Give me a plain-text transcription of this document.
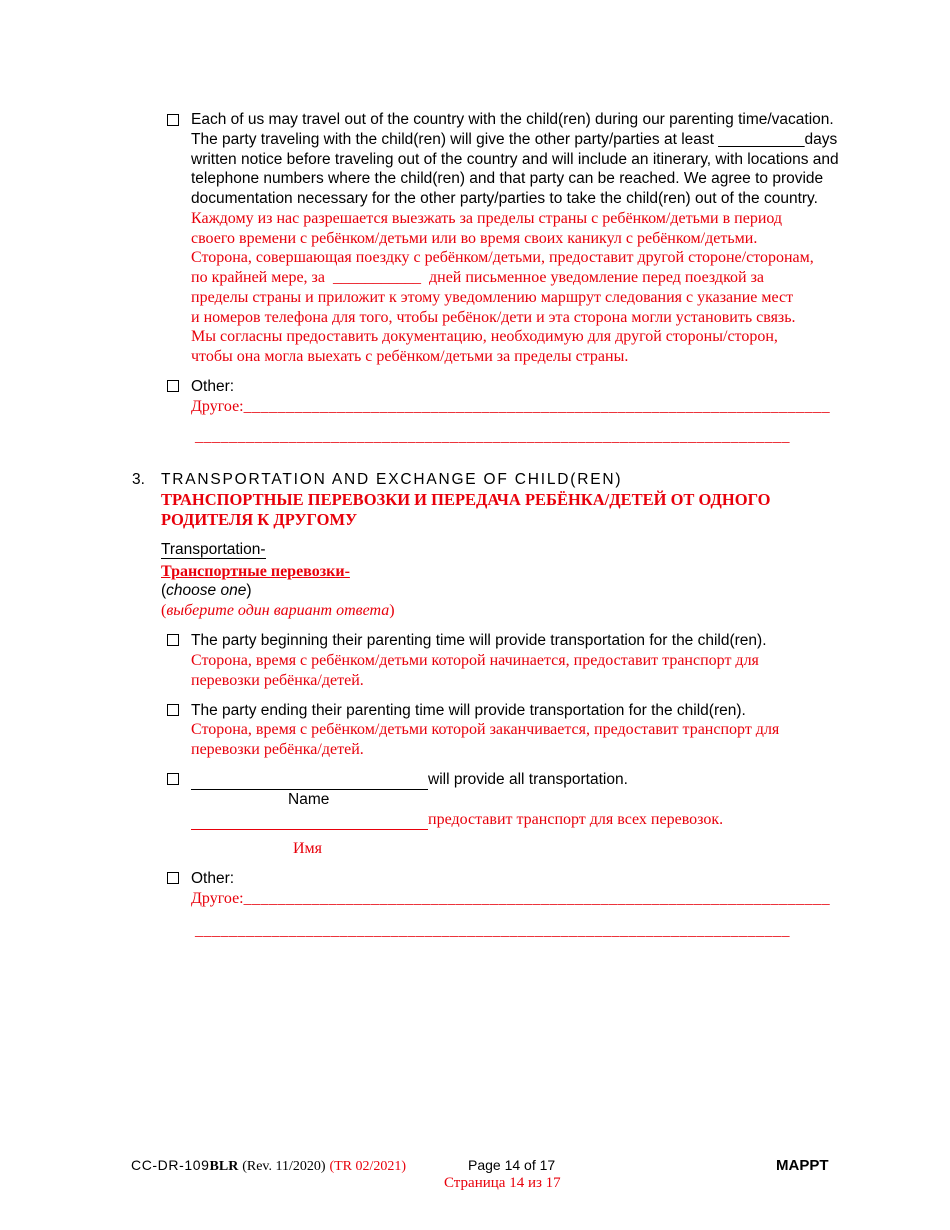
Each of us may travel out of the country with the child(ren) during our parenting time/vacation.
The party traveling with the child(ren) will give the other party/parties at least __________days
written notice before traveling out of the country and will include an itinerary, with locations and
telephone numbers where the child(ren) and that party can be reached. We agree to provide
documentation necessary for the other party/parties to take the child(ren) out of the country.
Каждому из нас разрешается выезжать за пределы страны с ребёнком/детьми в период
своего времени с ребёнком/детьми или во время своих каникул с ребёнком/детьми.
Сторона, совершающая поездку с ребёнком/детьми, предоставит другой стороне/сторонам,
по крайней мере, за ___________ дней письменное уведомление перед поездкой за
пределы страны и приложит к этому уведомлению маршрут следования с указание мест
и номеров телефона для того, чтобы ребёнок/дети и эта сторона могли установить связь.
Мы согласны предоставить документацию, необходимую для другой стороны/сторон,
чтобы она могла выехать с ребёнком/детьми за пределы страны.
Other:
Другое:_____________________________________________________________________
______________________________________________________________________
3. TRANSPORTATION AND EXCHANGE OF CHILD(REN)
ТРАНСПОРТНЫЕ ПЕРЕВОЗКИ И ПЕРЕДАЧА РЕБЁНКА/ДЕТЕЙ ОТ ОДНОГО
РОДИТЕЛЯ К ДРУГОМУ
Transportation-
Транспортные перевозки-
(choose one)
(выберите один вариант ответа)
The party beginning their parenting time will provide transportation for the child(ren).
Сторона, время с ребёнком/детьми которой начинается, предоставит транспорт для
перевозки ребёнка/детей.
The party ending their parenting time will provide transportation for the child(ren).
Сторона, время с ребёнком/детьми которой заканчивается, предоставит транспорт для
перевозки ребёнка/детей.
will provide all transportation.
Name
предоставит транспорт для всех перевозок.
Имя
Other:
Другое:_____________________________________________________________________
______________________________________________________________________
CC-DR-109BLR (Rev. 11/2020) (TR 02/2021)	Page 14 of 17
Страница 14 из 17
MAPPT
